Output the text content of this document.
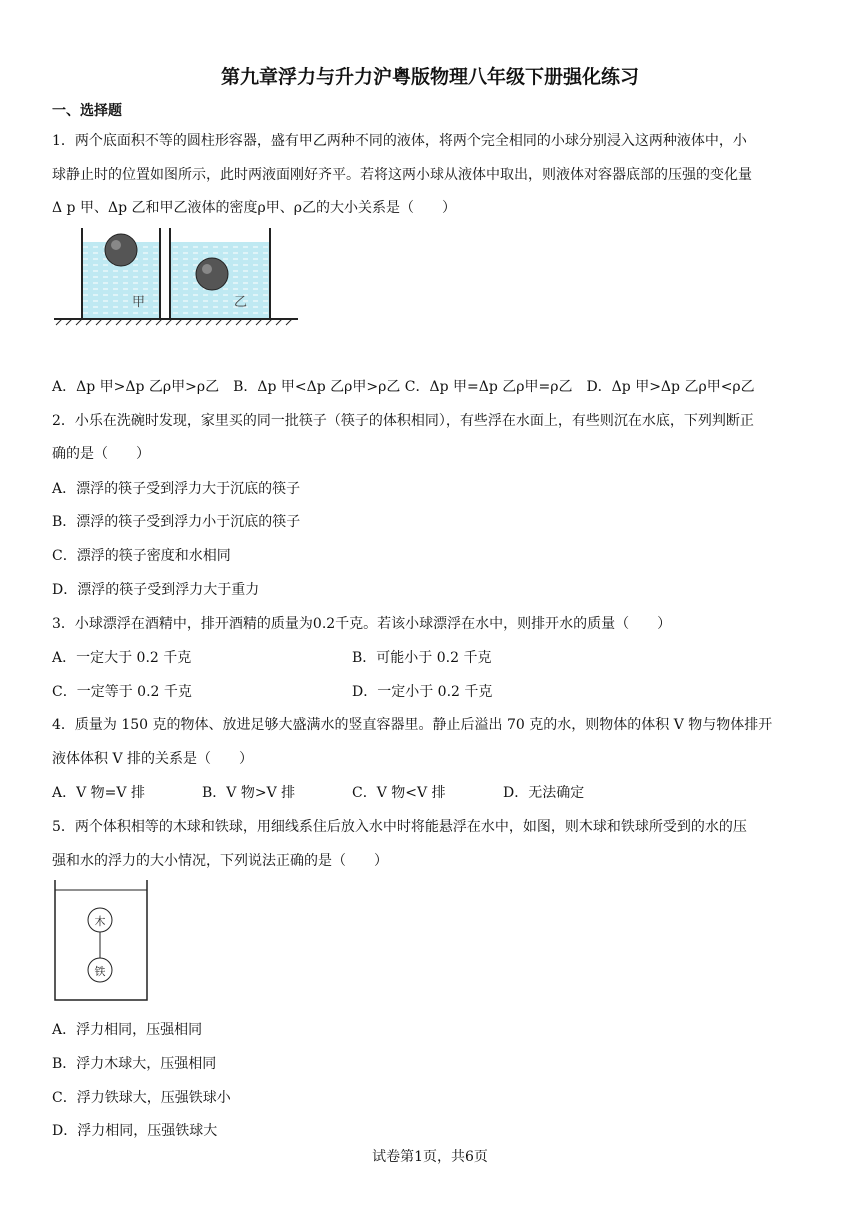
第九章浮力与升力沪粤版物理八年级下册强化练习
一、选择题
1．两个底面积不等的圆柱形容器，盛有甲乙两种不同的液体，将两个完全相同的小球分别浸入这两种液体中，小
球静止时的位置如图所示，此时两液面刚好齐平。若将这两小球从液体中取出，则液体对容器底部的压强的变化量
Δ p 甲、Δp 乙和甲乙液体的密度ρ甲、ρ乙的大小关系是（　　）
甲	乙
A．Δp 甲>Δp 乙ρ甲>ρ乙　B．Δp 甲<Δp 乙ρ甲>ρ乙 C．Δp 甲=Δp 乙ρ甲=ρ乙　D．Δp 甲>Δp 乙ρ甲<ρ乙
2．小乐在洗碗时发现，家里买的同一批筷子（筷子的体积相同），有些浮在水面上，有些则沉在水底，下列判断正
确的是（　　）
A．漂浮的筷子受到浮力大于沉底的筷子
B．漂浮的筷子受到浮力小于沉底的筷子
C．漂浮的筷子密度和水相同
D．漂浮的筷子受到浮力大于重力
3．小球漂浮在酒精中，排开酒精的质量为0.2千克。若该小球漂浮在水中，则排开水的质量（　　）
A．一定大于 0.2 千克	B．可能小于 0.2 千克
C．一定等于 0.2 千克	D．一定小于 0.2 千克
4．质量为 150 克的物体、放进足够大盛满水的竖直容器里。静止后溢出 70 克的水，则物体的体积 V 物与物体排开
液体体积 V 排的关系是（　　）
A．V 物=V 排	B．V 物>V 排	C．V 物<V 排	D．无法确定
5．两个体积相等的木球和铁球，用细线系住后放入水中时将能悬浮在水中，如图，则木球和铁球所受到的水的压
强和水的浮力的大小情况，下列说法正确的是（　　）
木
铁
A．浮力相同，压强相同
B．浮力木球大，压强相同
C．浮力铁球大，压强铁球小
D．浮力相同，压强铁球大
试卷第1页，共6页
